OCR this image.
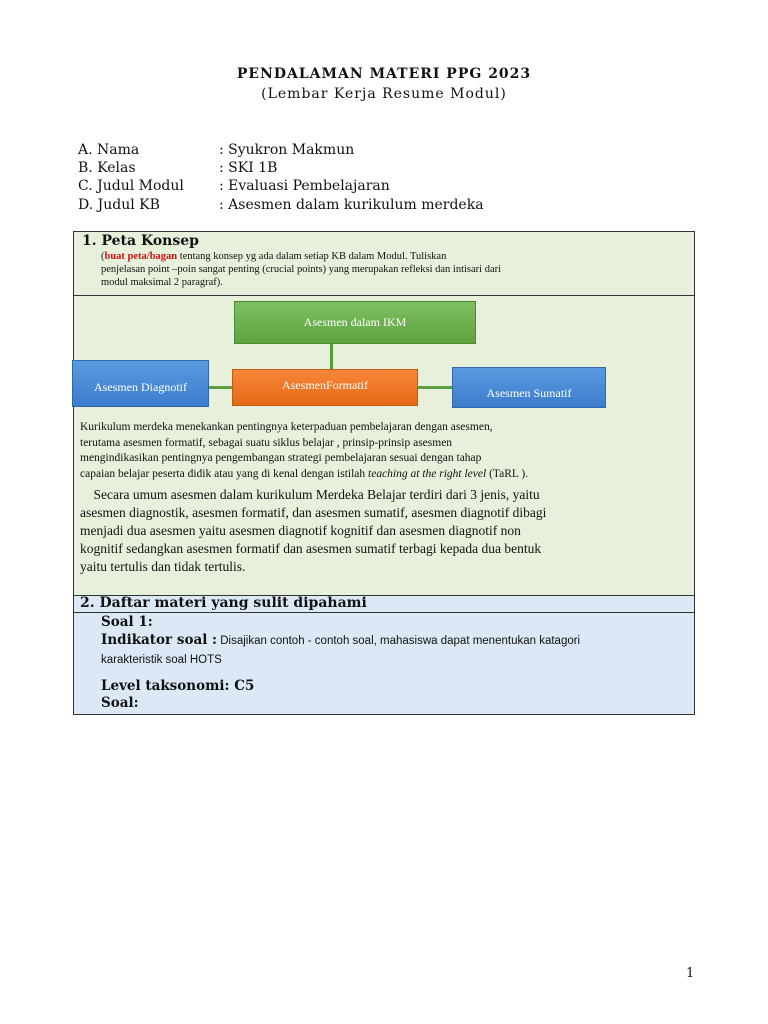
PENDALAMAN MATERI PPG 2023
(Lembar Kerja Resume Modul)
A. Nama	: Syukron Makmun
B. Kelas	: SKI 1B
C. Judul Modul	: Evaluasi Pembelajaran
D. Judul KB	: Asesmen dalam kurikulum merdeka
1. Peta Konsep
(buat peta/bagan tentang konsep yg ada dalam setiap KB dalam Modul. Tuliskan
penjelasan point –poin sangat penting (crucial points) yang merupakan refleksi dan intisari dari
modul maksimal 2 paragraf).
Asesmen dalam IKM
Asesmen Diagnotif	AsesmenFormatif
Asesmen Sumatif
Kurikulum merdeka menekankan pentingnya keterpaduan pembelajaran dengan asesmen,
terutama asesmen formatif, sebagai suatu siklus belajar , prinsip-prinsip asesmen
mengindikasikan pentingnya pengembangan strategi pembelajaran sesuai dengan tahap
capaian belajar peserta didik atau yang di kenal dengan istilah teaching at the right level (TaRL ).
Secara umum asesmen dalam kurikulum Merdeka Belajar terdiri dari 3 jenis, yaitu
asesmen diagnostik, asesmen formatif, dan asesmen sumatif, asesmen diagnotif dibagi
menjadi dua asesmen yaitu asesmen diagnotif kognitif dan asesmen diagnotif non
kognitif sedangkan asesmen formatif dan asesmen sumatif terbagi kepada dua bentuk
yaitu tertulis dan tidak tertulis.
2. Daftar materi yang sulit dipahami
Soal 1:
Indikator soal : Disajikan contoh - contoh soal, mahasiswa dapat menentukan katagori
karakteristik soal HOTS
Level taksonomi: C5
Soal:
1
